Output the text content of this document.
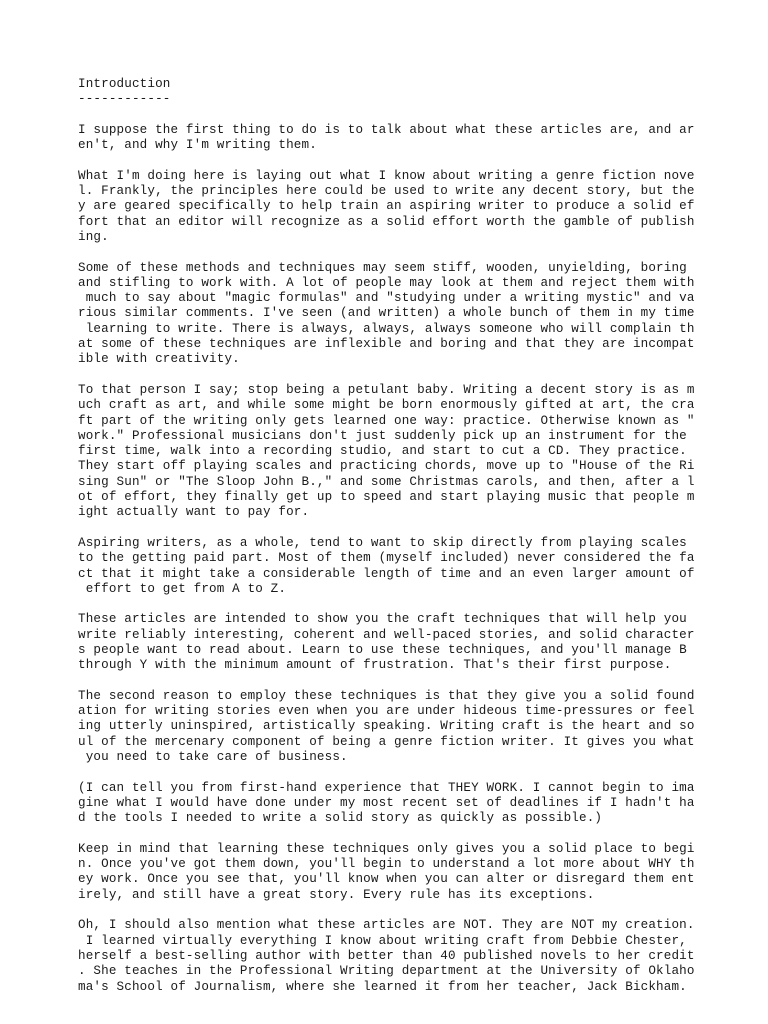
Introduction
------------
I suppose the first thing to do is to talk about what these articles are, and ar
en't, and why I'm writing them.
What I'm doing here is laying out what I know about writing a genre fiction nove
l. Frankly, the principles here could be used to write any decent story, but the
y are geared specifically to help train an aspiring writer to produce a solid ef
fort that an editor will recognize as a solid effort worth the gamble of publish
ing.
Some of these methods and techniques may seem stiff, wooden, unyielding, boring
and stifling to work with. A lot of people may look at them and reject them with
much to say about "magic formulas" and "studying under a writing mystic" and va
rious similar comments. I've seen (and written) a whole bunch of them in my time
learning to write. There is always, always, always someone who will complain th
at some of these techniques are inflexible and boring and that they are incompat
ible with creativity.
To that person I say; stop being a petulant baby. Writing a decent story is as m
uch craft as art, and while some might be born enormously gifted at art, the cra
ft part of the writing only gets learned one way: practice. Otherwise known as "
work." Professional musicians don't just suddenly pick up an instrument for the
first time, walk into a recording studio, and start to cut a CD. They practice.
They start off playing scales and practicing chords, move up to "House of the Ri
sing Sun" or "The Sloop John B.," and some Christmas carols, and then, after a l
ot of effort, they finally get up to speed and start playing music that people m
ight actually want to pay for.
Aspiring writers, as a whole, tend to want to skip directly from playing scales
to the getting paid part. Most of them (myself included) never considered the fa
ct that it might take a considerable length of time and an even larger amount of
effort to get from A to Z.
These articles are intended to show you the craft techniques that will help you
write reliably interesting, coherent and well-paced stories, and solid character
s people want to read about. Learn to use these techniques, and you'll manage B
through Y with the minimum amount of frustration. That's their first purpose.
The second reason to employ these techniques is that they give you a solid found
ation for writing stories even when you are under hideous time-pressures or feel
ing utterly uninspired, artistically speaking. Writing craft is the heart and so
ul of the mercenary component of being a genre fiction writer. It gives you what
you need to take care of business.
(I can tell you from first-hand experience that THEY WORK. I cannot begin to ima
gine what I would have done under my most recent set of deadlines if I hadn't ha
d the tools I needed to write a solid story as quickly as possible.)
Keep in mind that learning these techniques only gives you a solid place to begi
n. Once you've got them down, you'll begin to understand a lot more about WHY th
ey work. Once you see that, you'll know when you can alter or disregard them ent
irely, and still have a great story. Every rule has its exceptions.
Oh, I should also mention what these articles are NOT. They are NOT my creation.
I learned virtually everything I know about writing craft from Debbie Chester,
herself a best-selling author with better than 40 published novels to her credit
. She teaches in the Professional Writing department at the University of Oklaho
ma's School of Journalism, where she learned it from her teacher, Jack Bickham.
